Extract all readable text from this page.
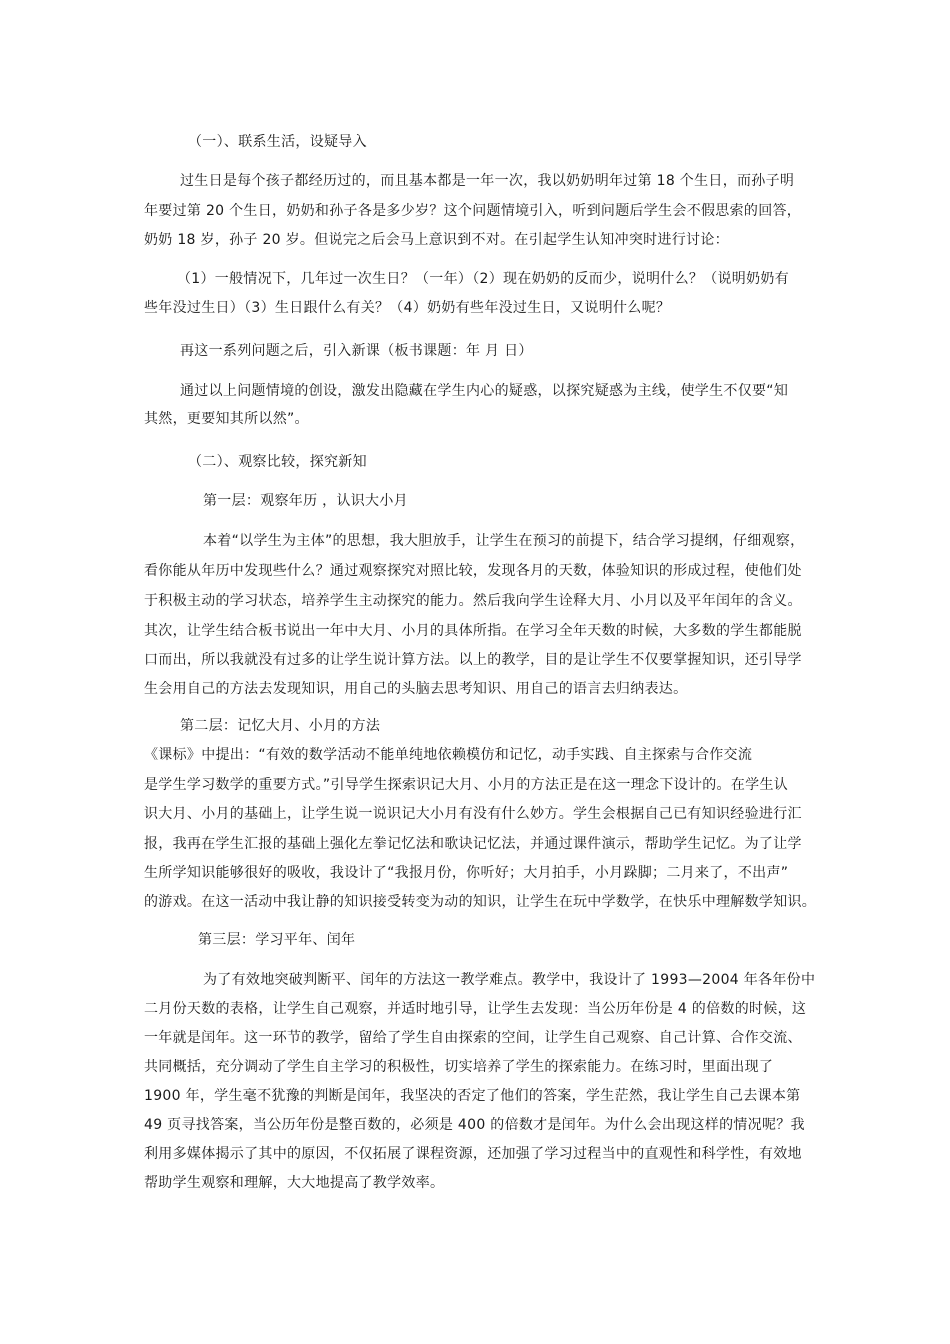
（一）、联系生活，设疑导入

过生日是每个孩子都经历过的，而且基本都是一年一次，我以奶奶明年过第 18 个生日，而孙子明

年要过第 20 个生日，奶奶和孙子各是多少岁？这个问题情境引入，听到问题后学生会不假思索的回答，

奶奶 18 岁，孙子 20 岁。但说完之后会马上意识到不对。在引起学生认知冲突时进行讨论：

（1）一般情况下，几年过一次生日？（一年）（2）现在奶奶的反而少，说明什么？（说明奶奶有

些年没过生日）（3）生日跟什么有关？（4）奶奶有些年没过生日，又说明什么呢？

再这一系列问题之后，引入新课（板书课题：年 月 日）

通过以上问题情境的创设，激发出隐藏在学生内心的疑惑，以探究疑惑为主线，使学生不仅要“知

其然，更要知其所以然”。

（二）、观察比较，探究新知

第一层：观察年历 ，认识大小月

本着“以学生为主体”的思想，我大胆放手，让学生在预习的前提下，结合学习提纲，仔细观察，

看你能从年历中发现些什么？通过观察探究对照比较，发现各月的天数，体验知识的形成过程，使他们处

于积极主动的学习状态，培养学生主动探究的能力。然后我向学生诠释大月、小月以及平年闰年的含义。

其次，让学生结合板书说出一年中大月、小月的具体所指。在学习全年天数的时候，大多数的学生都能脱

口而出，所以我就没有过多的让学生说计算方法。以上的教学，目的是让学生不仅要掌握知识，还引导学

生会用自己的方法去发现知识，用自己的头脑去思考知识、用自己的语言去归纳表达。

第二层：记忆大月、小月的方法

《课标》中提出：“有效的数学活动不能单纯地依赖模仿和记忆，动手实践、自主探索与合作交流

是学生学习数学的重要方式。”引导学生探索识记大月、小月的方法正是在这一理念下设计的。在学生认

识大月、小月的基础上，让学生说一说识记大小月有没有什么妙方。学生会根据自己已有知识经验进行汇

报，我再在学生汇报的基础上强化左拳记忆法和歌诀记忆法，并通过课件演示，帮助学生记忆。为了让学

生所学知识能够很好的吸收，我设计了“我报月份，你听好；大月拍手，小月跺脚；二月来了，不出声”

的游戏。在这一活动中我让静的知识接受转变为动的知识，让学生在玩中学数学，在快乐中理解数学知识。

第三层：学习平年、闰年

为了有效地突破判断平、闰年的方法这一教学难点。教学中，我设计了 1993—2004 年各年份中

二月份天数的表格，让学生自己观察，并适时地引导，让学生去发现：当公历年份是 4 的倍数的时候，这

一年就是闰年。这一环节的教学，留给了学生自由探索的空间，让学生自己观察、自己计算、合作交流、

共同概括，充分调动了学生自主学习的积极性，切实培养了学生的探索能力。在练习时，里面出现了

1900 年，学生毫不犹豫的判断是闰年，我坚决的否定了他们的答案，学生茫然，我让学生自己去课本第

49 页寻找答案，当公历年份是整百数的，必须是 400 的倍数才是闰年。为什么会出现这样的情况呢？我

利用多媒体揭示了其中的原因，不仅拓展了课程资源，还加强了学习过程当中的直观性和科学性，有效地

帮助学生观察和理解，大大地提高了教学效率。
